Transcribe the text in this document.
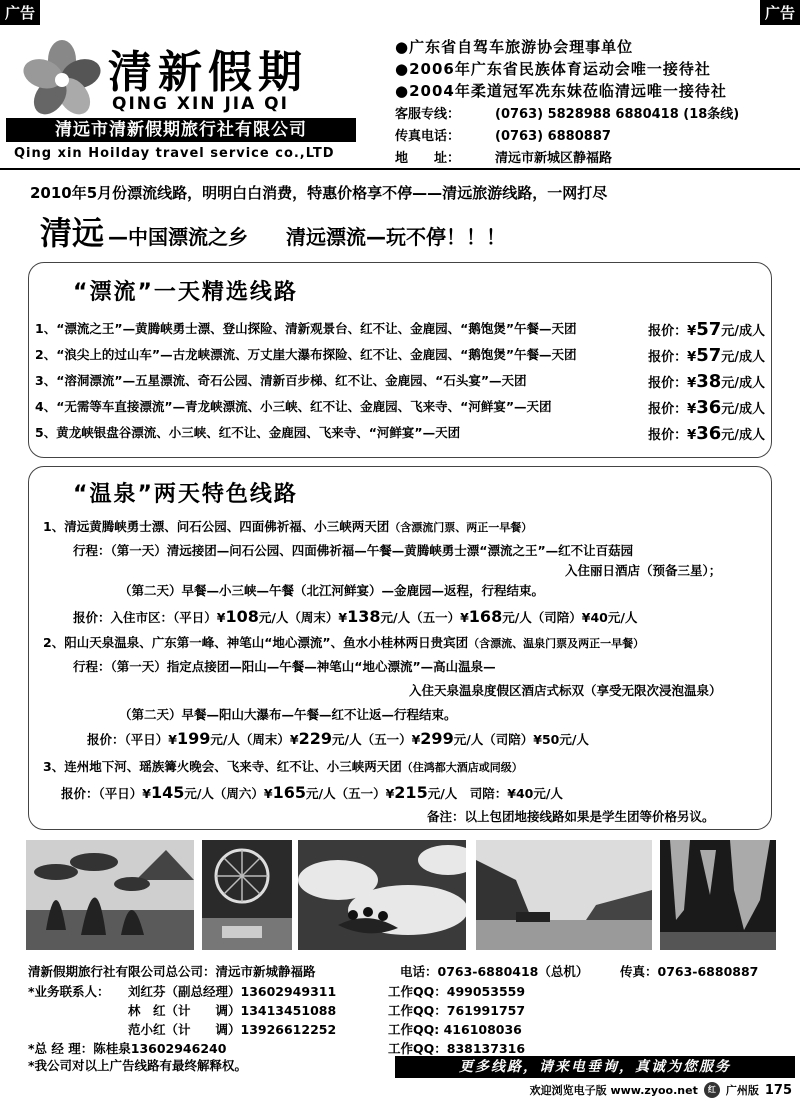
广告	广告
清新假期
QING XIN JIA QI
清远市清新假期旅行社有限公司
Qing xin Hoilday travel service co.,LTD
●广东省自驾车旅游协会理事单位
●2006年广东省民族体育运动会唯一接待社
●2004年柔道冠军冼东妹莅临清远唯一接待社
客服专线：	(0763) 5828988 6880418 (18条线)
传真电话：	(0763) 6880887
地　　址：	清远市新城区静福路
2010年5月份漂流线路，明明白白消费，特惠价格享不停——清远旅游线路，一网打尽
清远 —中国漂流之乡 清远漂流—玩不停！！！
“漂流”一天精选线路
1、“漂流之王”—黄腾峡勇士漂、登山探险、清新观景台、红不让、金鹿园、“鹅饱煲”午餐—天团	报价：¥57元/成人
2、“浪尖上的过山车”—古龙峡漂流、万丈崖大瀑布探险、红不让、金鹿园、“鹅饱煲”午餐—天团	报价：¥57元/成人
3、“溶洞漂流”—五星漂流、奇石公园、清新百步梯、红不让、金鹿园、“石头宴”—天团	报价：¥38元/成人
4、“无需等车直接漂流”—青龙峡漂流、小三峡、红不让、金鹿园、飞来寺、“河鲜宴”—天团	报价：¥36元/成人
5、黄龙峡银盘谷漂流、小三峡、红不让、金鹿园、飞来寺、“河鲜宴”—天团	报价：¥36元/成人
“温泉”两天特色线路
1、清远黄腾峡勇士漂、问石公园、四面佛祈福、小三峡两天团（含漂流门票、两正一早餐）
行程：（第一天）清远接团—问石公园、四面佛祈福—午餐—黄腾峡勇士漂“漂流之王”—红不让百菇园
入住丽日酒店（预备三星）；
（第二天）早餐—小三峡—午餐（北江河鲜宴）—金鹿园—返程，行程结束。
报价：入住市区：（平日）¥108元/人（周末）¥138元/人（五一）¥168元/人（司陪）¥40元/人
2、阳山天泉温泉、广东第一峰、神笔山“地心漂流”、鱼水小桂林两日贵宾团（含漂流、温泉门票及两正一早餐）
行程：（第一天）指定点接团—阳山—午餐—神笔山“地心漂流”—高山温泉—
入住天泉温泉度假区酒店式标双（享受无限次浸泡温泉）
（第二天）早餐—阳山大瀑布—午餐—红不让返—行程结束。
报价：（平日）¥199元/人（周末）¥229元/人（五一）¥299元/人（司陪）¥50元/人
3、连州地下河、瑶族篝火晚会、飞来寺、红不让、小三峡两天团（住鸿都大酒店或同级）
报价：（平日）¥145元/人（周六）¥165元/人（五一）¥215元/人　司陪：¥40元/人
备注：以上包团地接线路如果是学生团等价格另议。
清新假期旅行社有限公司总公司：清远市新城静福路	电话：0763-6880418（总机）	传真：0763-6880887
*业务联系人： 刘红芬（副总经理）13602949311	工作QQ：499053559
林　红（计　　调）13413451088	工作QQ：761991757
范小红（计　　调）13926612252	工作QQ: 416108036
*总 经 理：陈桂泉13602946240	工作QQ：838137316
*我公司对以上广告线路有最终解释权。	更多线路，请来电垂询，真诚为您服务
欢迎浏览电子版 www.zyoo.net	红 广州版 175
